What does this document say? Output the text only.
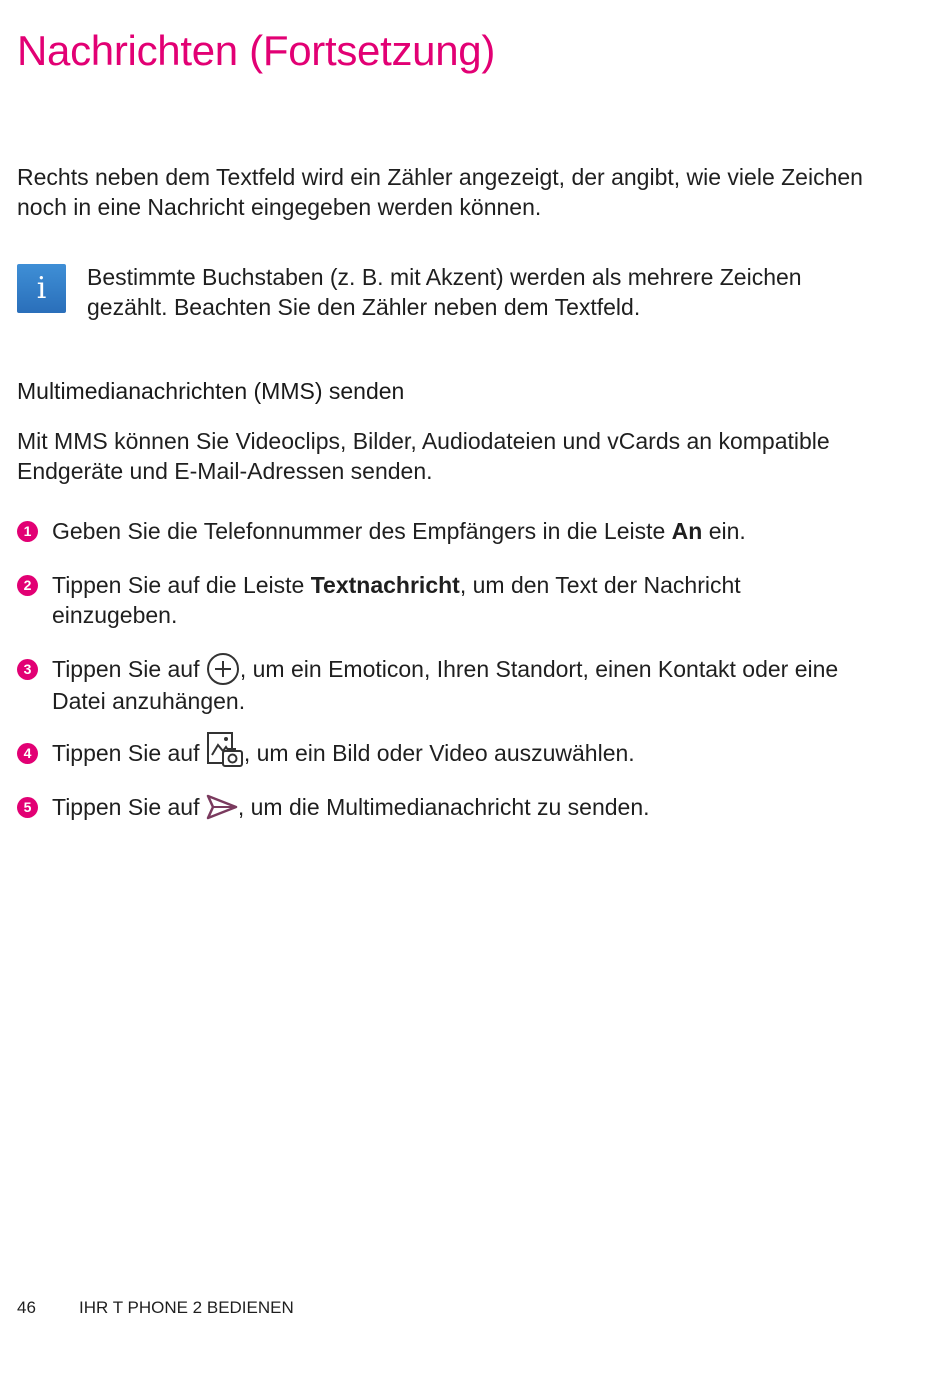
Nachrichten (Fortsetzung)

Rechts neben dem Textfeld wird ein Zähler angezeigt, der angibt, wie viele Zeichen noch in eine Nachricht eingegeben werden können.

i	Bestimmte Buchstaben (z. B. mit Akzent) werden als mehrere Zeichen gezählt. Beachten Sie den Zähler neben dem Textfeld.

Multimedianachrichten (MMS) senden

Mit MMS können Sie Videoclips, Bilder, Audiodateien und vCards an kompatible Endgeräte und E-Mail-Adressen senden.

1 Geben Sie die Telefonnummer des Empfängers in die Leiste An ein.
2 Tippen Sie auf die Leiste Textnachricht, um den Text der Nachricht einzugeben.
3 Tippen Sie auf , um ein Emoticon, Ihren Standort, einen Kontakt oder eine Datei anzuhängen.
4 Tippen Sie auf , um ein Bild oder Video auszuwählen.
5 Tippen Sie auf , um die Multimedianachricht zu senden.
46	IHR T PHONE 2 BEDIENEN
